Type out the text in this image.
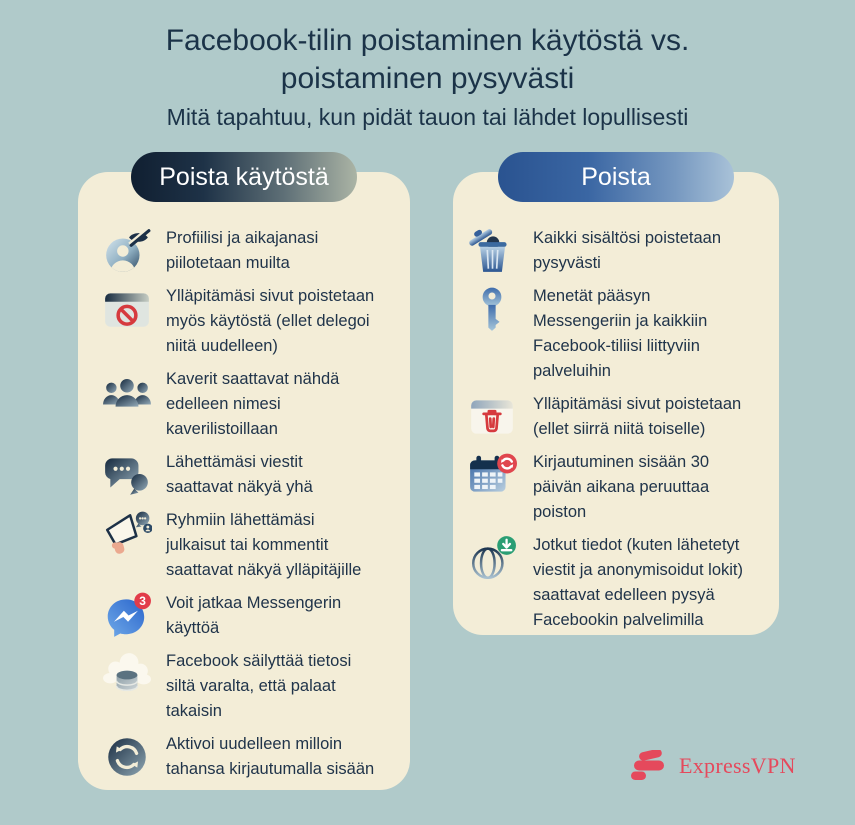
Facebook-tilin poistaminen käytöstä vs.
poistaminen pysyvästi
Mitä tapahtuu, kun pidät tauon tai lähdet lopullisesti
Poista käytöstä
Profiilisi ja aikajanasi
piilotetaan muilta
Ylläpitämäsi sivut poistetaan
myös käytöstä (ellet delegoi
niitä uudelleen)
Kaverit saattavat nähdä
edelleen nimesi
kaverilistoillaan
Lähettämäsi viestit
saattavat näkyä yhä
Ryhmiin lähettämäsi
julkaisut tai kommentit
saattavat näkyä ylläpitäjille
3 Voit jatkaa Messengerin
käyttöä
Facebook säilyttää tietosi
siltä varalta, että palaat
takaisin
Aktivoi uudelleen milloin
tahansa kirjautumalla sisään
Poista
Kaikki sisältösi poistetaan
pysyvästi
Menetät pääsyn
Messengeriin ja kaikkiin
Facebook-tiliisi liittyviin
palveluihin
Ylläpitämäsi sivut poistetaan
(ellet siirrä niitä toiselle)
Kirjautuminen sisään 30
päivän aikana peruuttaa
poiston
Jotkut tiedot (kuten lähetetyt
viestit ja anonymisoidut lokit)
saattavat edelleen pysyä
Facebookin palvelimilla
ExpressVPN
